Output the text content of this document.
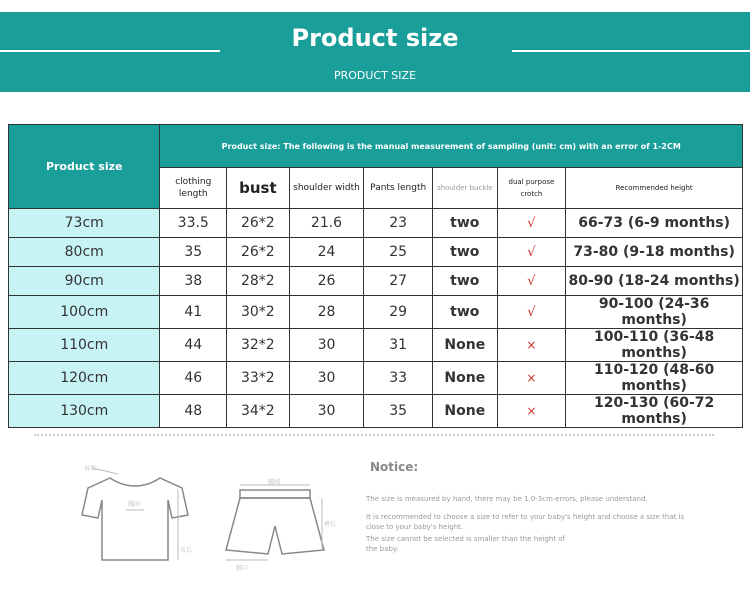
Product size
PRODUCT SIZE
Product size	Product size: The following is the manual measurement of sampling (unit: cm) with an error of 1-2CM						
	clothing length	bust	shoulder width	Pants length	shoulder buckle	dual purpose crotch	Recommended height
73cm	33.5	26*2	21.6	23	two	√	66-73 (6-9 months)
80cm	35	26*2	24	25	two	√	73-80 (9-18 months)
90cm	38	28*2	26	27	two	√	80-90 (18-24 months)
100cm	41	30*2	28	29	two	√	90-100 (24-36 months)
110cm	44	32*2	30	31	None	×	100-110 (36-48 months)
120cm	46	33*2	30	33	None	×	110-120 (48-60 months)
130cm	48	34*2	30	35	None	×	120-130 (60-72 months)
肩宽
胸围
衣长
腰围
裤长
脚口
Notice:
The size is measured by hand, there may be 1.0-3cm errors, please understand.
It is recommended to choose a size to refer to your baby's height and choose a size that is close to your baby's height.
The size cannot be selected is smaller than the height of the baby.
